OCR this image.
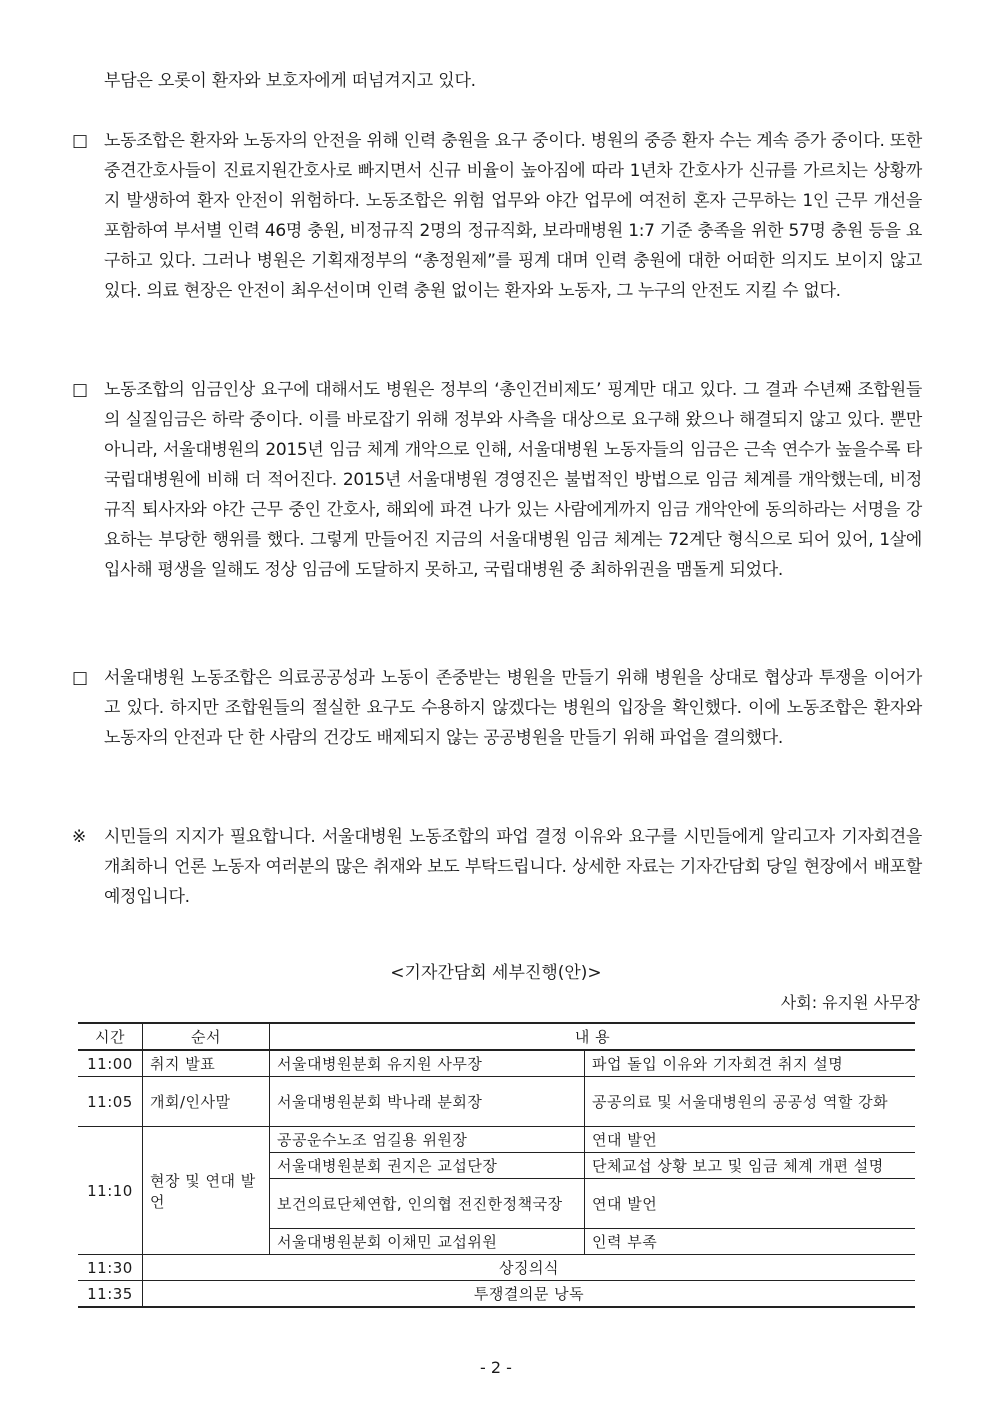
부담은 오롯이 환자와 보호자에게 떠넘겨지고 있다.
□ 노동조합은 환자와 노동자의 안전을 위해 인력 충원을 요구 중이다. 병원의 중증 환자 수는 계속 증가 중이다. 또한 중견간호사들이 진료지원간호사로 빠지면서 신규 비율이 높아짐에 따라 1년차 간호사가 신규를 가르치는 상황까지 발생하여 환자 안전이 위험하다. 노동조합은 위험 업무와 야간 업무에 여전히 혼자 근무하는 1인 근무 개선을 포함하여 부서별 인력 46명 충원, 비정규직 2명의 정규직화, 보라매병원 1:7 기준 충족을 위한 57명 충원 등을 요구하고 있다. 그러나 병원은 기획재정부의 “총정원제”를 핑계 대며 인력 충원에 대한 어떠한 의지도 보이지 않고 있다. 의료 현장은 안전이 최우선이며 인력 충원 없이는 환자와 노동자, 그 누구의 안전도 지킬 수 없다.
□ 노동조합의 임금인상 요구에 대해서도 병원은 정부의 ‘총인건비제도’ 핑계만 대고 있다. 그 결과 수년째 조합원들의 실질임금은 하락 중이다. 이를 바로잡기 위해 정부와 사측을 대상으로 요구해 왔으나 해결되지 않고 있다. 뿐만 아니라, 서울대병원의 2015년 임금 체계 개악으로 인해, 서울대병원 노동자들의 임금은 근속 연수가 높을수록 타 국립대병원에 비해 더 적어진다. 2015년 서울대병원 경영진은 불법적인 방법으로 임금 체계를 개악했는데, 비정규직 퇴사자와 야간 근무 중인 간호사, 해외에 파견 나가 있는 사람에게까지 임금 개악안에 동의하라는 서명을 강요하는 부당한 행위를 했다. 그렇게 만들어진 지금의 서울대병원 임금 체계는 72계단 형식으로 되어 있어, 1살에 입사해 평생을 일해도 정상 임금에 도달하지 못하고, 국립대병원 중 최하위권을 맴돌게 되었다.
□ 서울대병원 노동조합은 의료공공성과 노동이 존중받는 병원을 만들기 위해 병원을 상대로 협상과 투쟁을 이어가고 있다. 하지만 조합원들의 절실한 요구도 수용하지 않겠다는 병원의 입장을 확인했다. 이에 노동조합은 환자와 노동자의 안전과 단 한 사람의 건강도 배제되지 않는 공공병원을 만들기 위해 파업을 결의했다.
※ 시민들의 지지가 필요합니다. 서울대병원 노동조합의 파업 결정 이유와 요구를 시민들에게 알리고자 기자회견을 개최하니 언론 노동자 여러분의 많은 취재와 보도 부탁드립니다. 상세한 자료는 기자간담회 당일 현장에서 배포할 예정입니다.
<기자간담회 세부진행(안)>
사회: 유지원 사무장
시간	순서	내 용	
11:00	취지 발표	서울대병원분회 유지원 사무장	파업 돌입 이유와 기자회견 취지 설명
11:05	개회/인사말	서울대병원분회 박나래 분회장	공공의료 및 서울대병원의 공공성 역할 강화
11:10	현장 및 연대 발언	공공운수노조 엄길용 위원장	연대 발언
		서울대병원분회 권지은 교섭단장	단체교섭 상황 보고 및 임금 체계 개편 설명
		보건의료단체연합, 인의협 전진한정책국장	연대 발언
		서울대병원분회 이채민 교섭위원	인력 부족
11:30	상징의식		
11:35	투쟁결의문 낭독		
- 2 -
